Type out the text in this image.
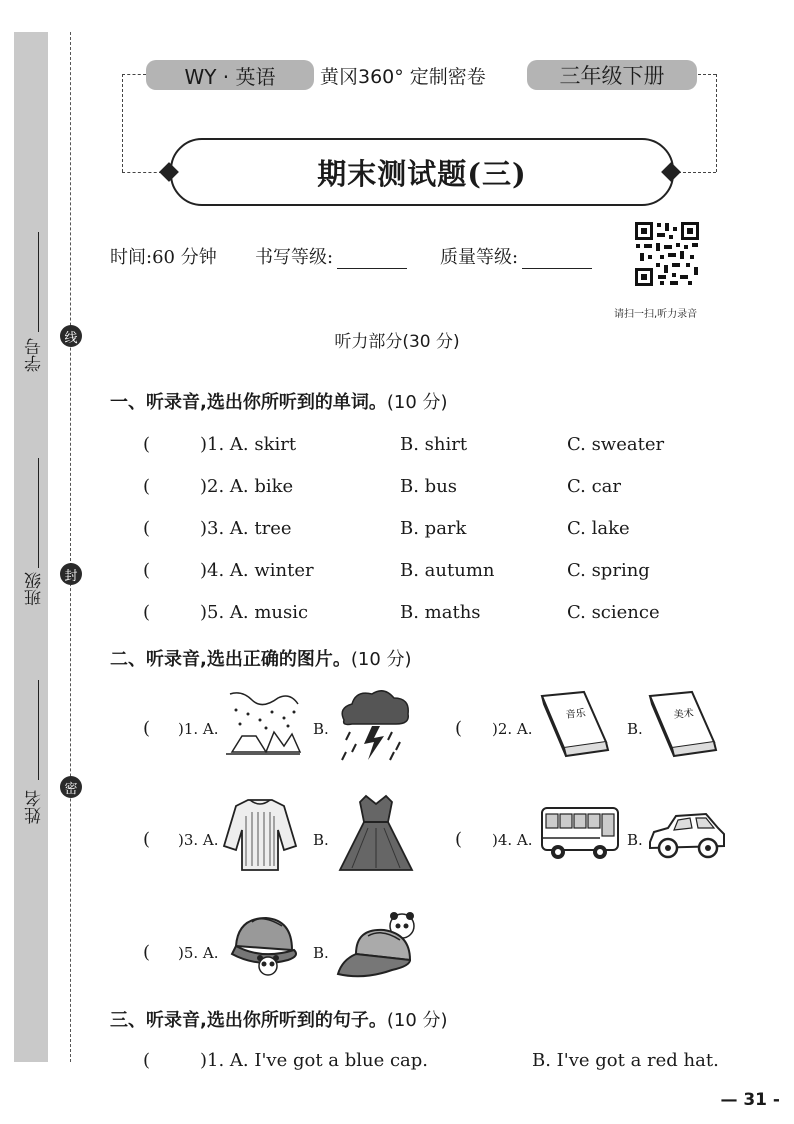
学号
班级
姓名
线
封
密
WY · 英语	黄冈360° 定制密卷	三年级下册
期末测试题(三)
时间:60 分钟 书写等级:	质量等级:
请扫一扫,听力录音
听力部分(30 分)
一、听录音,选出你所听到的单词。(10 分)
(	)1. A. skirt	B. shirt	C. sweater
(	)2. A. bike	B. bus	C. car
(	)3. A. tree	B. park	C. lake
(	)4. A. winter	B. autumn	C. spring
(	)5. A. music	B. maths	C. science
二、听录音,选出正确的图片。(10 分)
( )1. A.	B.	( )2. A.
音乐
B.
美术
( )3. A.	B.	( )4. A.	B.
( )5. A.	B.
三、听录音,选出你所听到的句子。(10 分)
(	)1. A. I've got a blue cap.	B. I've got a red hat.
— 31 -
